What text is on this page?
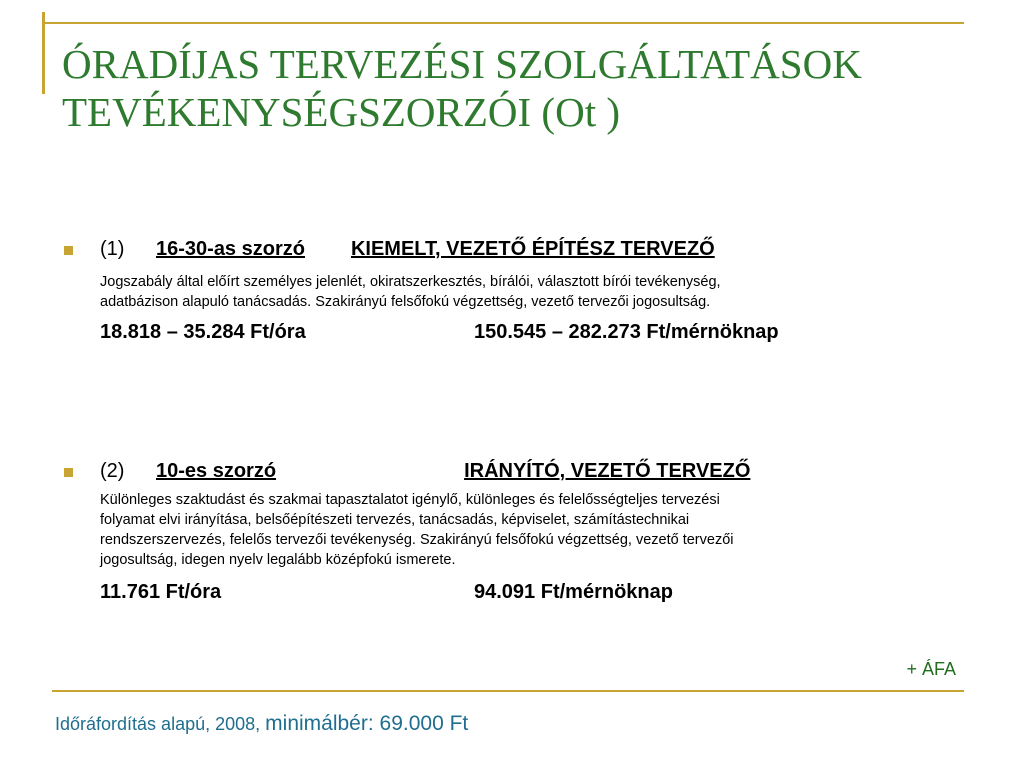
ÓRADÍJAS TERVEZÉSI SZOLGÁLTATÁSOK
TEVÉKENYSÉGSZORZÓI (Ot )
(1) 16-30-as szorzó KIEMELT, VEZETŐ ÉPÍTÉSZ TERVEZŐ
Jogszabály által előírt személyes jelenlét, okiratszerkesztés, bírálói, választott bírói tevékenység,
adatbázison alapuló tanácsadás. Szakirányú felsőfokú végzettség, vezető tervezői jogosultság.
18.818 – 35.284 Ft/óra	150.545 – 282.273 Ft/mérnöknap
(2) 10-es szorzó	IRÁNYÍTÓ, VEZETŐ TERVEZŐ
Különleges szaktudást és szakmai tapasztalatot igénylő, különleges és felelősségteljes tervezési
folyamat elvi irányítása, belsőépítészeti tervezés, tanácsadás, képviselet, számítástechnikai
rendszerszervezés, felelős tervezői tevékenység. Szakirányú felsőfokú végzettség, vezető tervezői
jogosultság, idegen nyelv legalább középfokú ismerete.
11.761 Ft/óra	94.091 Ft/mérnöknap
+ ÁFA
Időráfordítás alapú, 2008, minimálbér: 69.000 Ft
